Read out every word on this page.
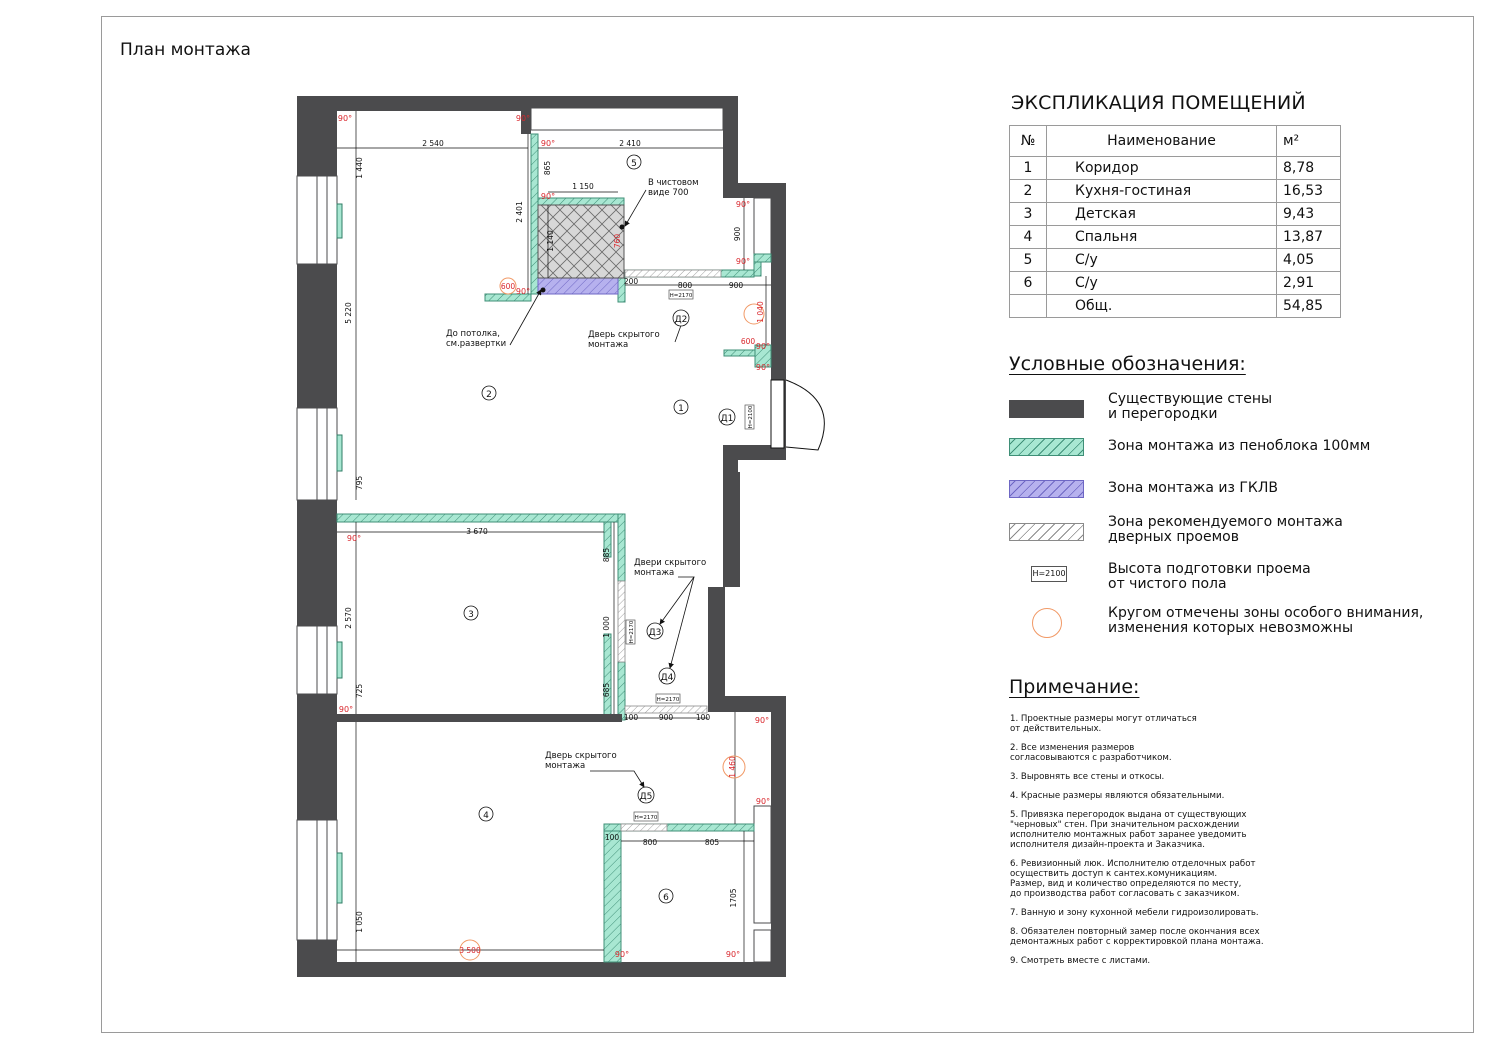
План монтажа
1
2
3
4
5
6
Д1
Д2
Д3
Д4
Д5
H=2170
H=2100
H=2170
H=2170
H=2170
2 540	2 410
1 440
5 220
795
865
2 401
1 150
1 140	900
800	900
200
3 670
2 570
725
885
1 000
685
100	900	100
800	805
1 050
1705
100
600
600
1 040
1 460
3 500
760
90°	90°
90°
90°
90°
90°
90°
90°
90°
90°
90°
90°
90°
90°	90°
В чистовом
виде 700
До потолка,
см.развертки
Дверь скрытого
монтажа
Двери скрытого
монтажа
Дверь скрытого
монтажа
ЭКСПЛИКАЦИЯ ПОМЕЩЕНИЙ
№	Наименование	м²
1	Коридор	8,78
2	Кухня-гостиная	16,53
3	Детская	9,43
4	Спальня	13,87
5	С/у	4,05
6	С/у	2,91
	Общ.	54,85
Условные обозначения:
Существующие стены
и перегородки
Зона монтажа из пеноблока 100мм
Зона монтажа из ГКЛВ
Зона рекомендуемого монтажа
дверных проемов
H=2100	Высота подготовки проема
от чистого пола
Кругом отмечены зоны особого внимания,
изменения которых невозможны
Примечание:
1. Проектные размеры могут отличаться
от действительных.
2. Все изменения размеров
согласовываются с разработчиком.
3. Выровнять все стены и откосы.
4. Красные размеры являются обязательными.
5. Привязка перегородок выдана от существующих
"черновых" стен. При значительном расхождении
исполнителю монтажных работ заранее уведомить
исполнителя дизайн-проекта и Заказчика.
6. Ревизионный люк. Исполнителю отделочных работ
осуществить доступ к сантех.комуникациям.
Размер, вид и количество определяются по месту,
до производства работ согласовать с заказчиком.
7. Ванную и зону кухонной мебели гидроизолировать.
8. Обязателен повторный замер после окончания всех
демонтажных работ с корректировкой плана монтажа.
9. Смотреть вместе с листами.
